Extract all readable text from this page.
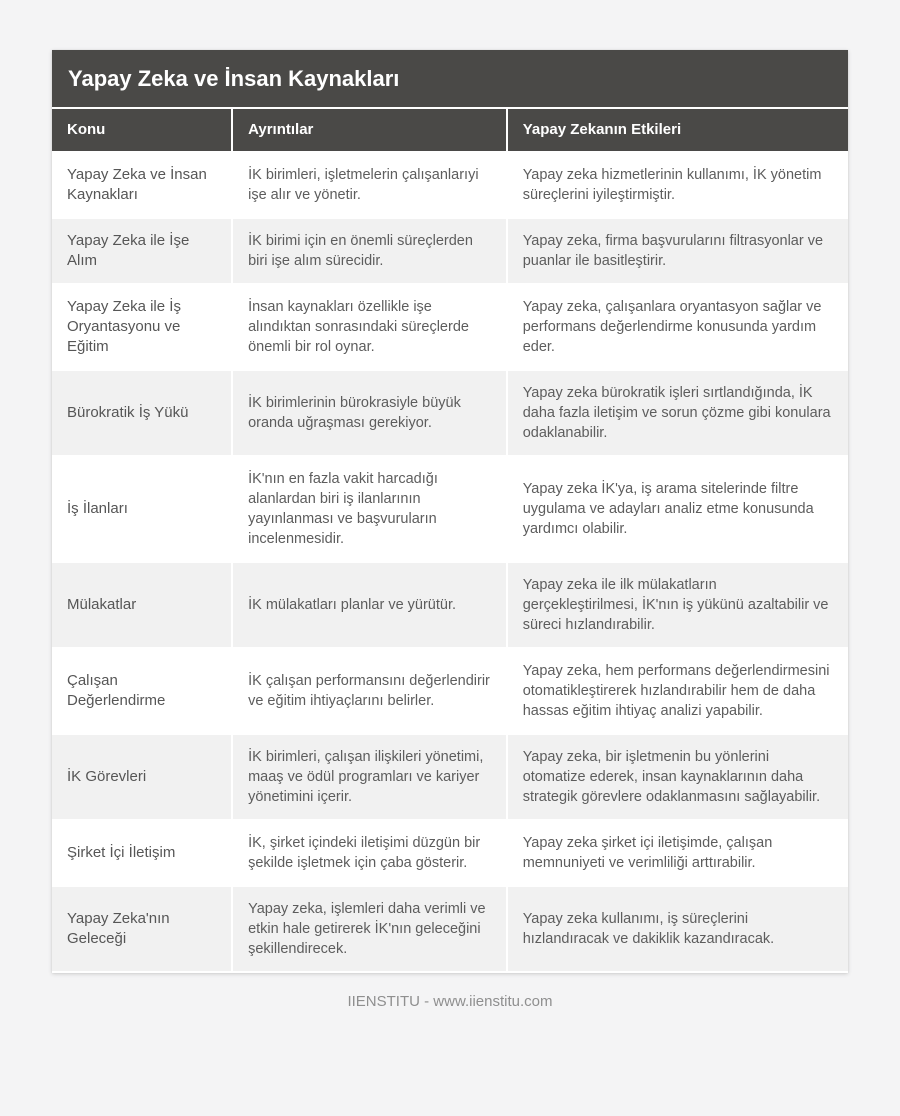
Yapay Zeka ve İnsan Kaynakları
Konu	Ayrıntılar	Yapay Zekanın Etkileri
Yapay Zeka ve İnsan Kaynakları	İK birimleri, işletmelerin çalışanlarıyi işe alır ve yönetir.	Yapay zeka hizmetlerinin kullanımı, İK yönetim süreçlerini iyileştirmiştir.
Yapay Zeka ile İşe Alım	İK birimi için en önemli süreçlerden biri işe alım sürecidir.	Yapay zeka, firma başvurularını filtrasyonlar ve puanlar ile basitleştirir.
Yapay Zeka ile İş Oryantasyonu ve Eğitim	İnsan kaynakları özellikle işe alındıktan sonrasındaki süreçlerde önemli bir rol oynar.	Yapay zeka, çalışanlara oryantasyon sağlar ve performans değerlendirme konusunda yardım eder.
Bürokratik İş Yükü	İK birimlerinin bürokrasiyle büyük oranda uğraşması gerekiyor.	Yapay zeka bürokratik işleri sırtlandığında, İK daha fazla iletişim ve sorun çözme gibi konulara odaklanabilir.
İş İlanları	İK'nın en fazla vakit harcadığı alanlardan biri iş ilanlarının yayınlanması ve başvuruların incelenmesidir.	Yapay zeka İK'ya, iş arama sitelerinde filtre uygulama ve adayları analiz etme konusunda yardımcı olabilir.
Mülakatlar	İK mülakatları planlar ve yürütür.	Yapay zeka ile ilk mülakatların gerçekleştirilmesi, İK'nın iş yükünü azaltabilir ve süreci hızlandırabilir.
Çalışan Değerlendirme	İK çalışan performansını değerlendirir ve eğitim ihtiyaçlarını belirler.	Yapay zeka, hem performans değerlendirmesini otomatikleştirerek hızlandırabilir hem de daha hassas eğitim ihtiyaç analizi yapabilir.
İK Görevleri	İK birimleri, çalışan ilişkileri yönetimi, maaş ve ödül programları ve kariyer yönetimini içerir.	Yapay zeka, bir işletmenin bu yönlerini otomatize ederek, insan kaynaklarının daha strategik görevlere odaklanmasını sağlayabilir.
Şirket İçi İletişim	İK, şirket içindeki iletişimi düzgün bir şekilde işletmek için çaba gösterir.	Yapay zeka şirket içi iletişimde, çalışan memnuniyeti ve verimliliği arttırabilir.
Yapay Zeka'nın Geleceği	Yapay zeka, işlemleri daha verimli ve etkin hale getirerek İK'nın geleceğini şekillendirecek.	Yapay zeka kullanımı, iş süreçlerini hızlandıracak ve dakiklik kazandıracak.
IIENSTITU - www.iienstitu.com
